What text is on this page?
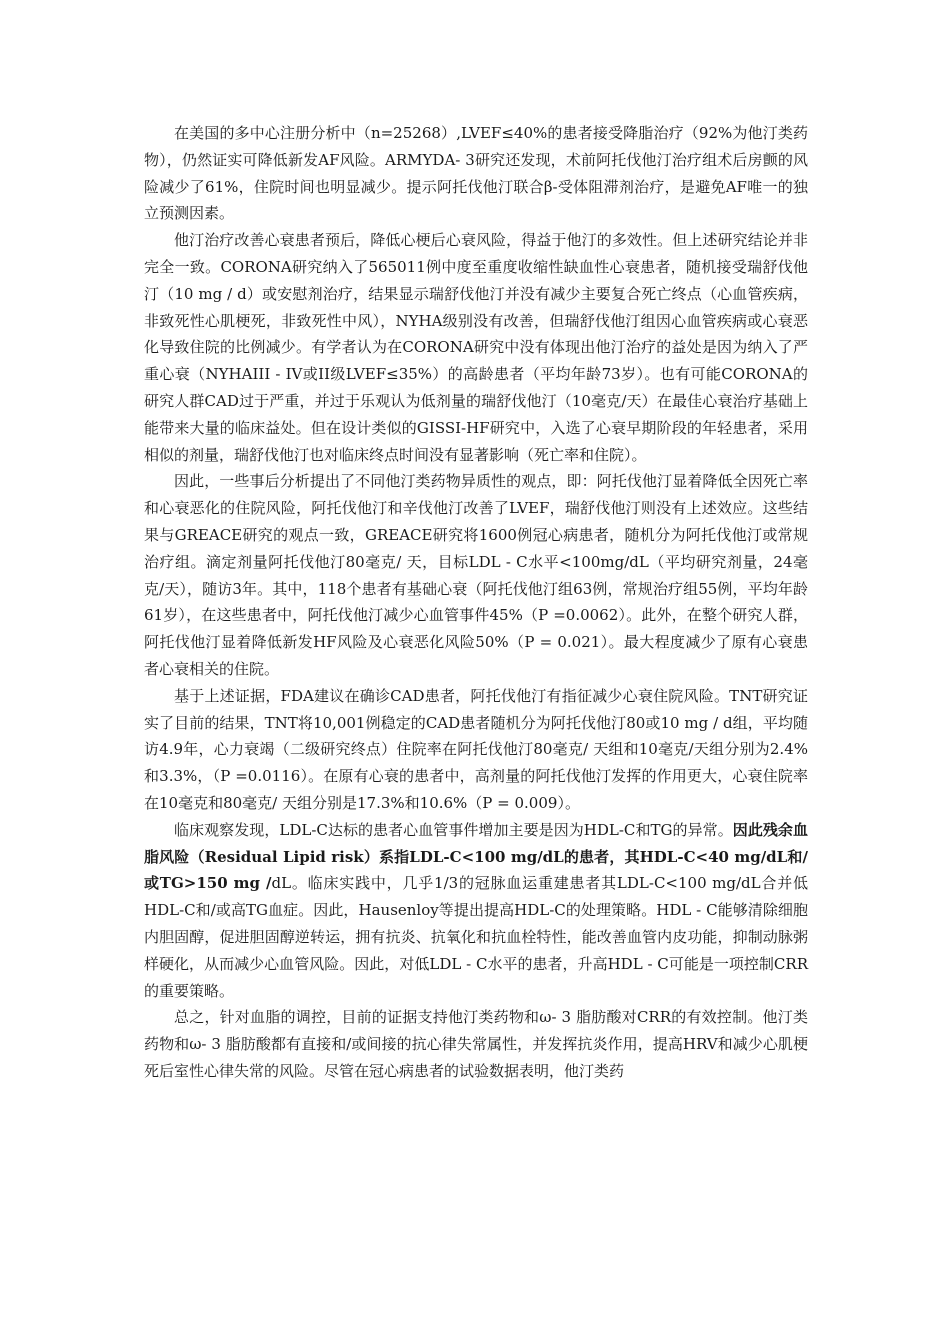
在美国的多中心注册分析中（n=25268）,LVEF≤40%的患者接受降脂治疗（92%为他汀类药物），仍然证实可降低新发AF风险。ARMYDA- 3研究还发现，术前阿托伐他汀治疗组术后房颤的风险减少了61%，住院时间也明显减少。提示阿托伐他汀联合β-受体阻滞剂治疗，是避免AF唯一的独立预测因素。

他汀治疗改善心衰患者预后，降低心梗后心衰风险，得益于他汀的多效性。但上述研究结论并非完全一致。CORONA研究纳入了565011例中度至重度收缩性缺血性心衰患者，随机接受瑞舒伐他汀（10 mg / d）或安慰剂治疗，结果显示瑞舒伐他汀并没有减少主要复合死亡终点（心血管疾病，非致死性心肌梗死，非致死性中风），NYHA级别没有改善，但瑞舒伐他汀组因心血管疾病或心衰恶化导致住院的比例减少。有学者认为在CORONA研究中没有体现出他汀治疗的益处是因为纳入了严重心衰（NYHAIII - IV或II级LVEF≤35%）的高龄患者（平均年龄73岁）。也有可能CORONA的研究人群CAD过于严重，并过于乐观认为低剂量的瑞舒伐他汀（10毫克/天）在最佳心衰治疗基础上能带来大量的临床益处。但在设计类似的GISSI-HF研究中，入选了心衰早期阶段的年轻患者，采用相似的剂量，瑞舒伐他汀也对临床终点时间没有显著影响（死亡率和住院）。

因此，一些事后分析提出了不同他汀类药物异质性的观点，即：阿托伐他汀显着降低全因死亡率和心衰恶化的住院风险，阿托伐他汀和辛伐他汀改善了LVEF，瑞舒伐他汀则没有上述效应。这些结果与GREACE研究的观点一致，GREACE研究将1600例冠心病患者，随机分为阿托伐他汀或常规治疗组。滴定剂量阿托伐他汀80毫克/ 天，目标LDL - C水平<100mg/dL（平均研究剂量，24毫克/天），随访3年。其中，118个患者有基础心衰（阿托伐他汀组63例，常规治疗组55例，平均年龄61岁），在这些患者中，阿托伐他汀减少心血管事件45%（P =0.0062）。此外，在整个研究人群，阿托伐他汀显着降低新发HF风险及心衰恶化风险50%（P = 0.021）。最大程度减少了原有心衰患者心衰相关的住院。

基于上述证据，FDA建议在确诊CAD患者，阿托伐他汀有指征减少心衰住院风险。TNT研究证实了目前的结果，TNT将10,001例稳定的CAD患者随机分为阿托伐他汀80或10 mg / d组，平均随访4.9年，心力衰竭（二级研究终点）住院率在阿托伐他汀80毫克/ 天组和10毫克/天组分别为2.4%和3.3%，（P =0.0116）。在原有心衰的患者中，高剂量的阿托伐他汀发挥的作用更大，心衰住院率在10毫克和80毫克/ 天组分别是17.3%和10.6%（P = 0.009）。

临床观察发现，LDL-C达标的患者心血管事件增加主要是因为HDL-C和TG的异常。因此残余血脂风险（Residual Lipid risk）系指LDL-C<100 mg/dL的患者，其HDL-C<40 mg/dL和/或TG>150 mg /dL。临床实践中，几乎1/3的冠脉血运重建患者其LDL-C<100 mg/dL合并低HDL-C和/或高TG血症。因此，Hausenloy等提出提高HDL-C的处理策略。HDL - C能够清除细胞内胆固醇，促进胆固醇逆转运，拥有抗炎、抗氧化和抗血栓特性，能改善血管内皮功能，抑制动脉粥样硬化，从而减少心血管风险。因此，对低LDL - C水平的患者，升高HDL - C可能是一项控制CRR的重要策略。

总之，针对血脂的调控，目前的证据支持他汀类药物和ω- 3 脂肪酸对CRR的有效控制。他汀类药物和ω- 3 脂肪酸都有直接和/或间接的抗心律失常属性，并发挥抗炎作用，提高HRV和减少心肌梗死后室性心律失常的风险。尽管在冠心病患者的试验数据表明，他汀类药
